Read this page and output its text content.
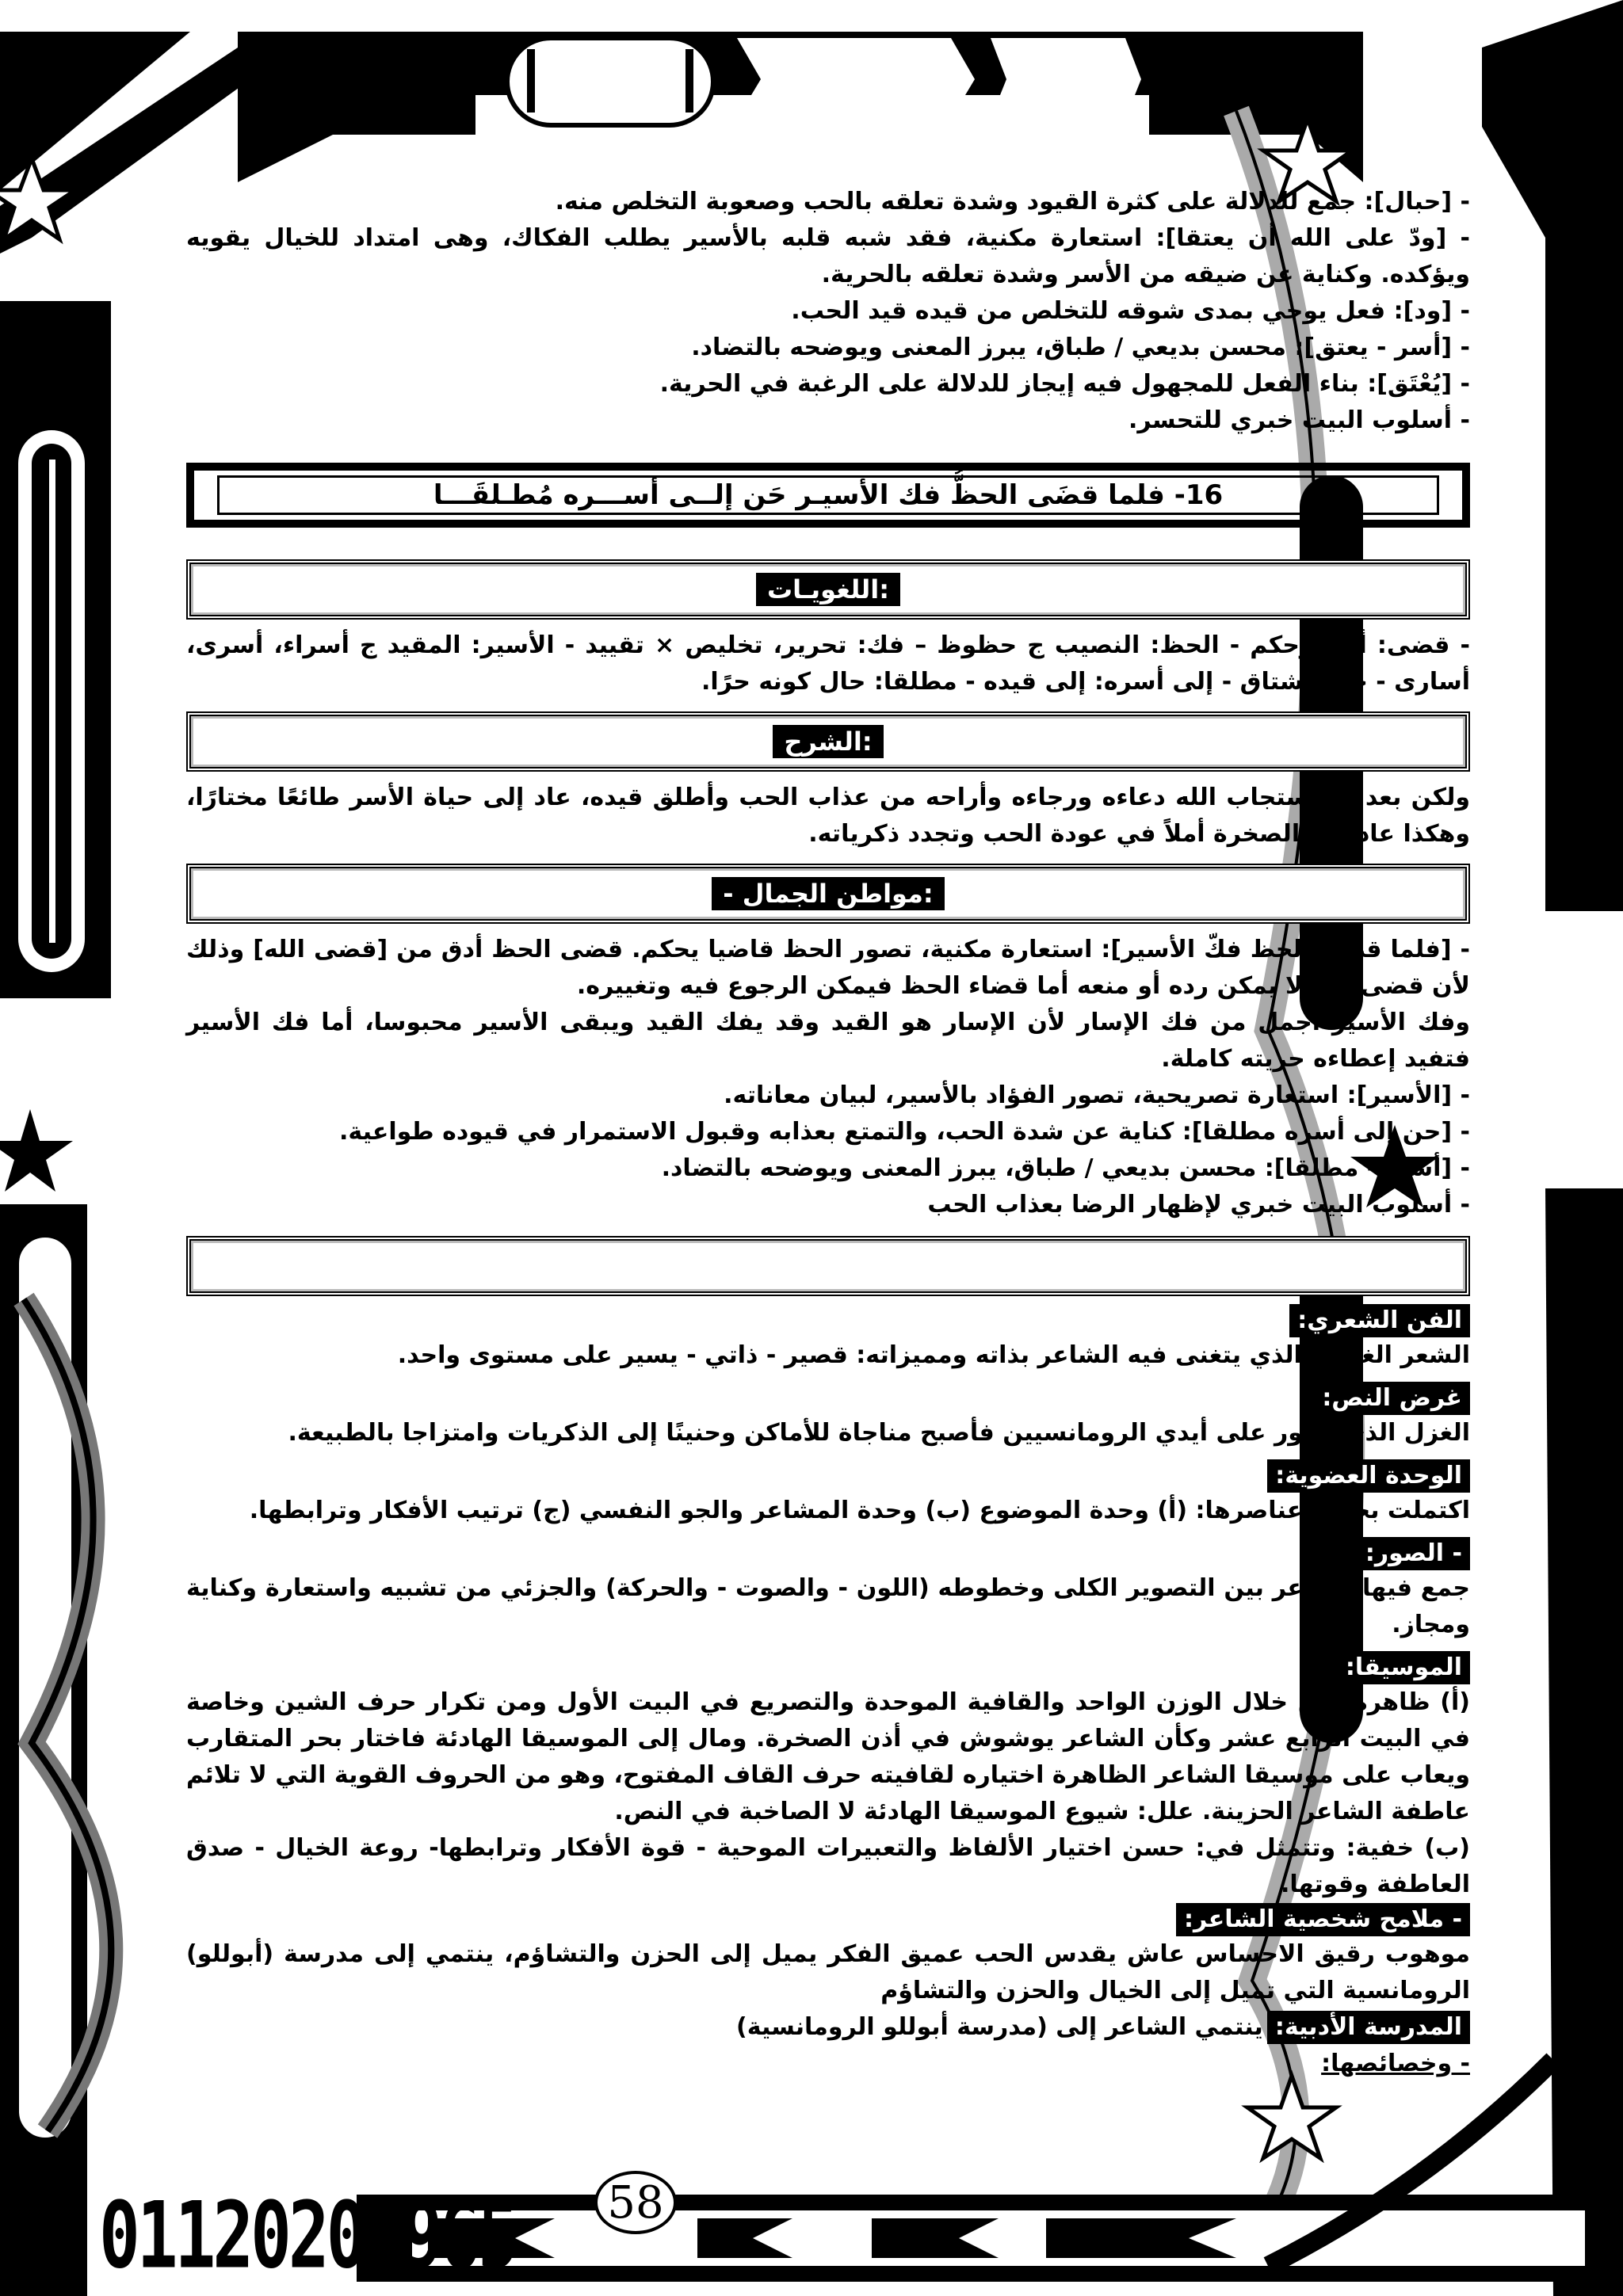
- [حبال]: جمع للدلالة على كثرة القيود وشدة تعلقه بالحب وصعوبة التخلص منه.

- [ودّ على الله أن يعتقا]: استعارة مكنية، فقد شبه قلبه بالأسير يطلب الفكاك، وهى امتداد للخيال يقويه ويؤكده. وكناية عن ضيقه من الأسر وشدة تعلقه بالحرية.

- [ود]: فعل يوحي بمدى شوقه للتخلص من قيده قيد الحب.

- [أسر - يعتق]: محسن بديعي / طباق، يبرز المعنى ويوضحه بالتضاد.

- [يُعْتَق]: بناء الفعل للمجهول فيه إيجاز للدلالة على الرغبة في الحرية.

- أسلوب البيت خبري للتحسر.

16-

فلما قضَى الحظُّ فك الأسيـر حَن إلــى أســـره مُطـلقَـــا
:اللغويـات

- قضى: أراد وحكم - الحظ: النصيب ج حظوظ – فك: تحرير، تخليص × تقييد - الأسير: المقيد ج أسراء، أسرى، أسارى - حن: اشتاق - إلى أسره: إلى قيده - مطلقا: حال كونه حرًا.

:الشرح

ولكن بعد أن استجاب الله دعاءه ورجاءه وأراحه من عذاب الحب وأطلق قيده، عاد إلى حياة الأسر طائعًا مختارًا، وهكذا عاد إلى الصخرة أملاً في عودة الحب وتجدد ذكرياته.

:مواطن الجمال -

- [فلما قضى الحظ فكّ الأسير]: استعارة مكنية، تصور الحظ قاضيا يحكم. قضى الحظ أدق من [قضى الله] وذلك لأن قضى الله لا يمكن رده أو منعه أما قضاء الحظ فيمكن الرجوع فيه وتغييره.

وفك الأسير أجمل من فك الإسار لأن الإسار هو القيد وقد يفك القيد ويبقى الأسير محبوسا، أما فك الأسير فتفيد إعطاءه حريته كاملة.

- [الأسير]: استعارة تصريحية، تصور الفؤاد بالأسير، لبيان معاناته.

- [حن إلى أسره مطلقا]: كناية عن شدة الحب، والتمتع بعذابه وقبول الاستمرار في قيوده طواعية.

- [أسير - مطلقا]: محسن بديعي / طباق، يبرز المعنى ويوضحه بالتضاد.

- أسلوب البيت خبري لإظهار الرضا بعذاب الحب

الفن الشعري:

الشعر الغنائي الذي يتغنى فيه الشاعر بذاته ومميزاته: قصير - ذاتي - يسير على مستوى واحد.

غرض النص:

الغزل الذي تطور على أيدي الرومانسيين فأصبح مناجاة للأماكن وحنينًا إلى الذكريات وامتزاجا بالطبيعة.

الوحدة العضوية:

اكتملت بجميع عناصرها: (أ) وحدة الموضوع (ب) وحدة المشاعر والجو النفسي (ج) ترتيب الأفكار وترابطها.

- الصور:

جمع فيها الشاعر بين التصوير الكلى وخطوطه (اللون - والصوت - والحركة) والجزئي من تشبيه واستعارة وكناية ومجاز.

الموسيقا:

(أ) ظاهرة: من خلال الوزن الواحد والقافية الموحدة والتصريع في البيت الأول ومن تكرار حرف الشين وخاصة في البيت الرابع عشر وكأن الشاعر يوشوش في أذن الصخرة. ومال إلى الموسيقا الهادئة فاختار بحر المتقارب ويعاب على موسيقا الشاعر الظاهرة اختياره لقافيته حرف القاف المفتوح، وهو من الحروف القوية التي لا تلائم عاطفة الشاعر الحزينة. علل: شيوع الموسيقا الهادئة لا الصاخبة في النص.

(ب) خفية: وتتمثل في: حسن اختيار الألفاظ والتعبيرات الموحية - قوة الأفكار وترابطها- روعة الخيال - صدق العاطفة وقوتها.

- ملامح شخصية الشاعر:

موهوب رقيق الاحساس عاش يقدس الحب عميق الفكر يميل إلى الحزن والتشاؤم، ينتمي إلى مدرسة (أبوللو) الرومانسية التي تميل إلى الخيال والحزن والتشاؤم

المدرسة الأدبية: ينتمي الشاعر إلى (مدرسة أبوللو الرومانسية)

- وخصائصها:

01120207965 58
